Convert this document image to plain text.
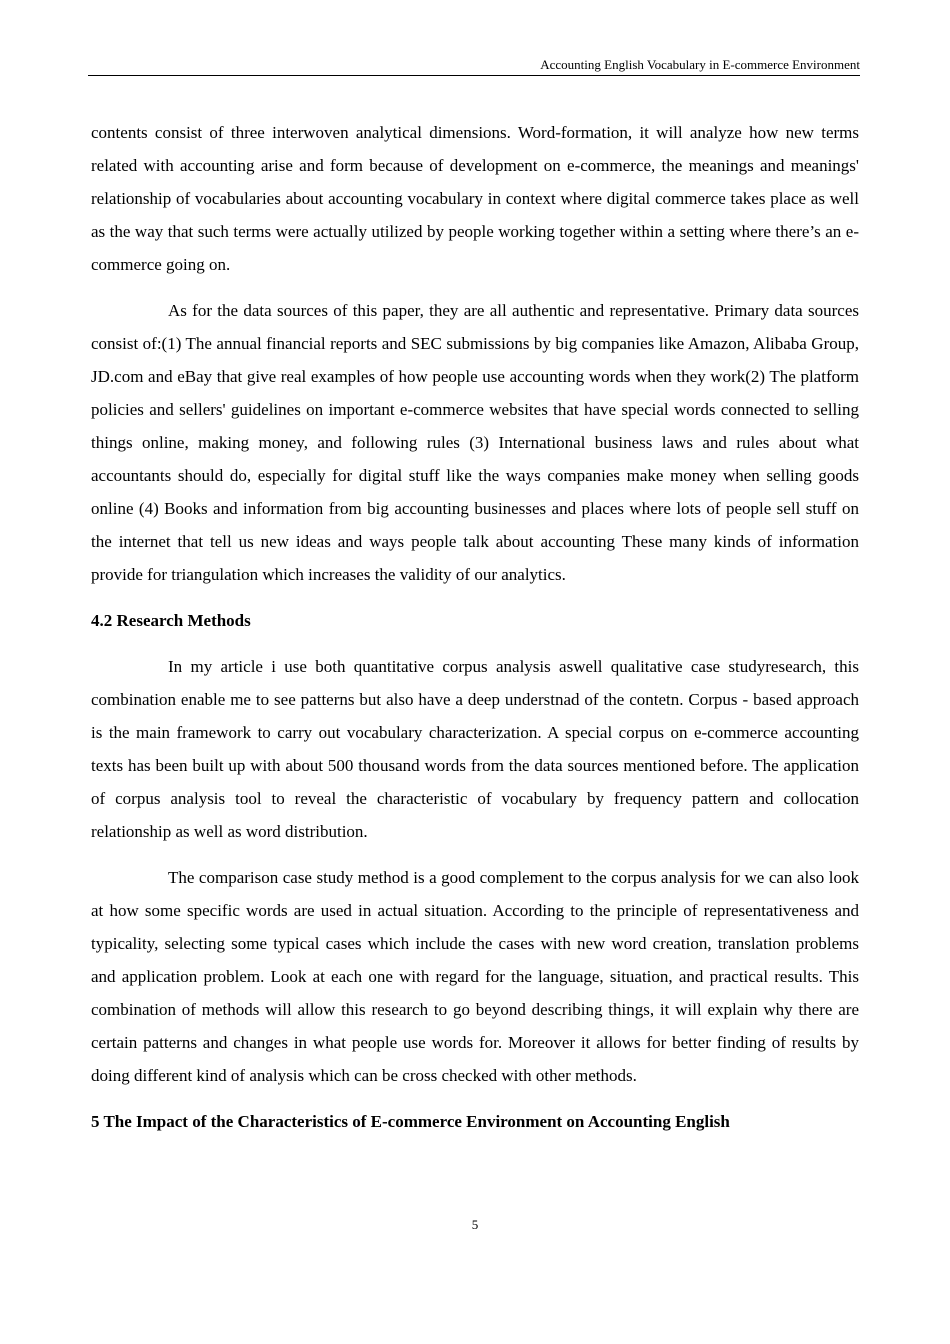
Accounting English Vocabulary in E-commerce Environment

contents consist of three interwoven analytical dimensions. Word-formation, it will analyze how new terms related with accounting arise and form because of development on e-commerce, the meanings and meanings' relationship of vocabularies about accounting vocabulary in context where digital commerce takes place as well as the way that such terms were actually utilized by people working together within a setting where there’s an e-commerce going on.

As for the data sources of this paper, they are all authentic and representative. Primary data sources consist of:(1) The annual financial reports and SEC submissions by big companies like Amazon, Alibaba Group, JD.com and eBay that give real examples of how people use accounting words when they work(2) The platform policies and sellers' guidelines on important e-commerce websites that have special words connected to selling things online, making money, and following rules (3) International business laws and rules about what accountants should do, especially for digital stuff like the ways companies make money when selling goods online (4) Books and information from big accounting businesses and places where lots of people sell stuff on the internet that tell us new ideas and ways people talk about accounting These many kinds of information provide for triangulation which increases the validity of our analytics.

4.2 Research Methods

In my article i use both quantitative corpus analysis aswell qualitative case studyresearch, this combination enable me to see patterns but also have a deep understnad of the contetn. Corpus - based approach is the main framework to carry out vocabulary characterization. A special corpus on e-commerce accounting texts has been built up with about 500 thousand words from the data sources mentioned before. The application of corpus analysis tool to reveal the characteristic of vocabulary by frequency pattern and collocation relationship as well as word distribution.

The comparison case study method is a good complement to the corpus analysis for we can also look at how some specific words are used in actual situation. According to the principle of representativeness and typicality, selecting some typical cases which include the cases with new word creation, translation problems and application problem. Look at each one with regard for the language, situation, and practical results. This combination of methods will allow this research to go beyond describing things, it will explain why there are certain patterns and changes in what people use words for. Moreover it allows for better finding of results by doing different kind of analysis which can be cross checked with other methods.

5 The Impact of the Characteristics of E-commerce Environment on Accounting English
5
